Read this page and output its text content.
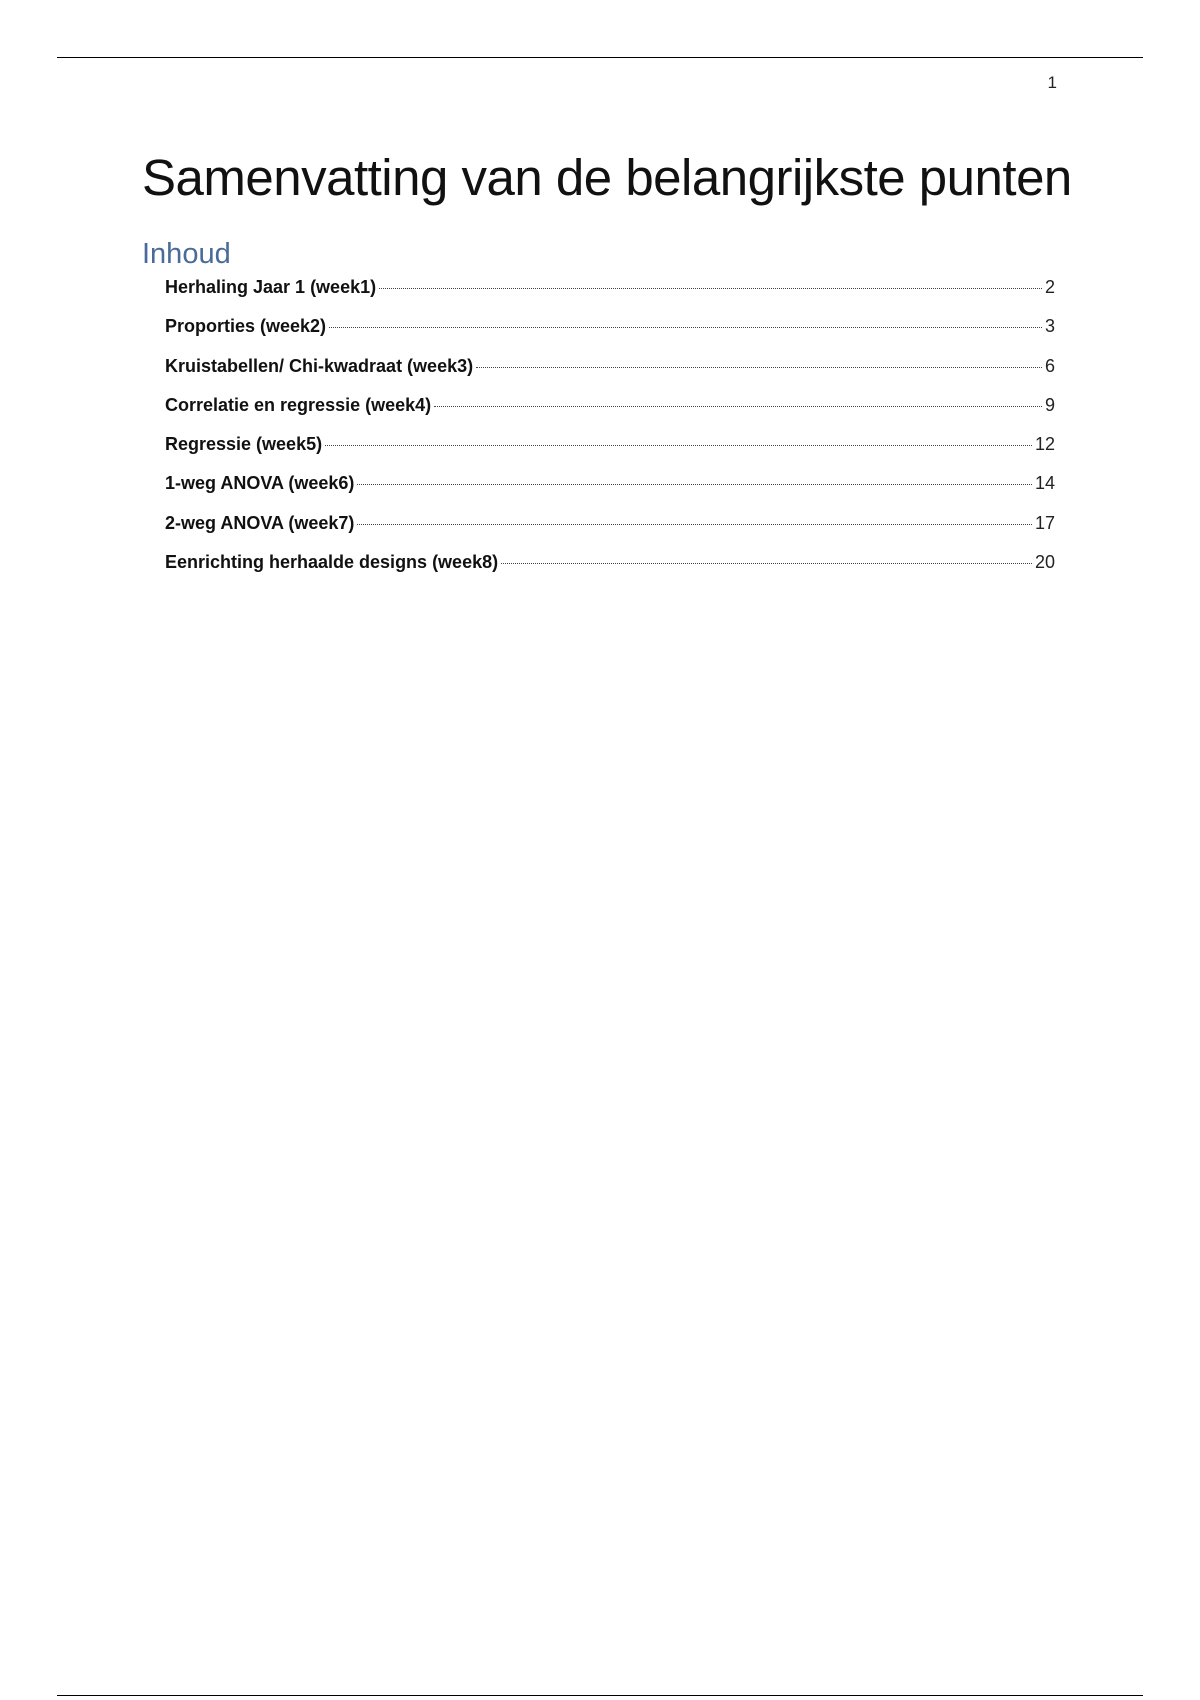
1
Samenvatting van de belangrijkste punten
Inhoud
Herhaling Jaar 1 (week1)	2
Proporties (week2)	3
Kruistabellen/ Chi-kwadraat (week3)	6
Correlatie en regressie (week4)	9
Regressie (week5)	12
1-weg ANOVA (week6)	14
2-weg ANOVA (week7)	17
Eenrichting herhaalde designs (week8)	20
